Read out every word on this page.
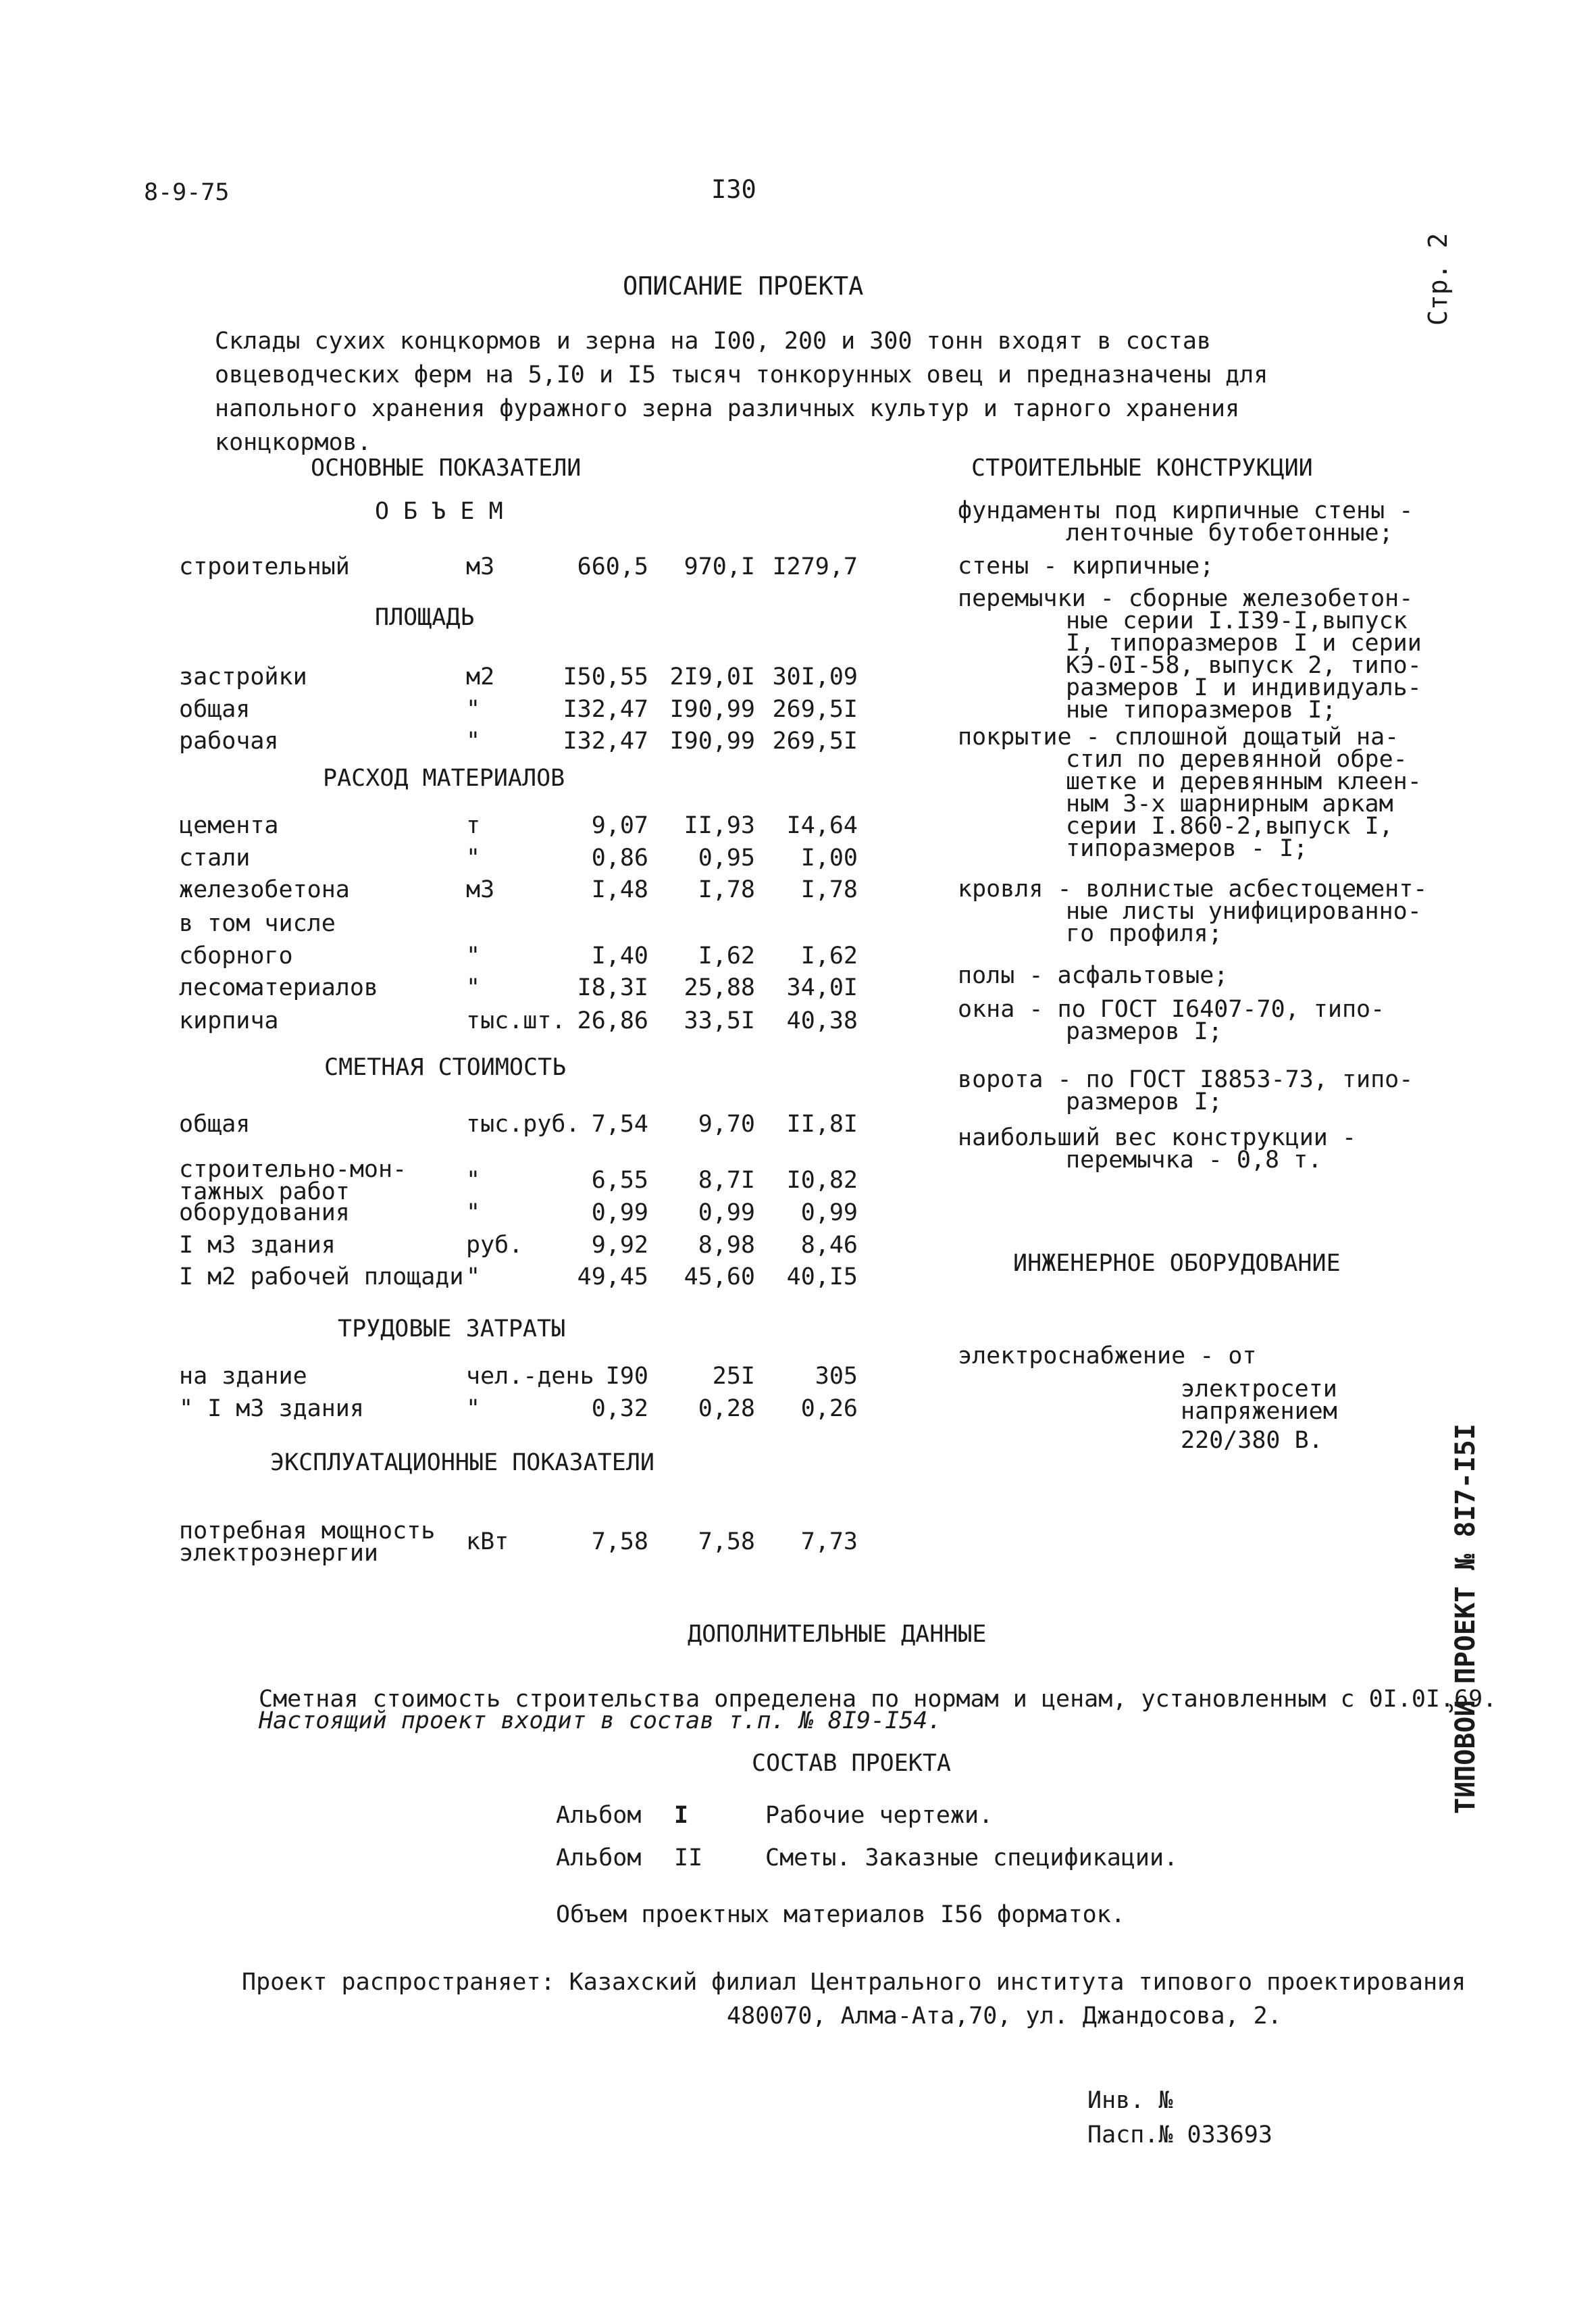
8-9-75	I30
Стр. 2
ТИПОВОЙ ПРОЕКТ № 8I7-I5I
ОПИСАНИЕ ПРОЕКТА
Склады сухих концкормов и зерна на I00, 200 и 300 тонн входят в состав овцеводческих ферм на 5,I0 и I5 тысяч тонкорунных овец и предназначены для напольного хранения фуражного зерна различных культур и тарного хранения концкормов.
ОСНОВНЫЕ ПОКАЗАТЕЛИ
О Б Ъ Е М
строительный	м3	660,5 970,I I279,7
ПЛОЩАДЬ
застройки	м2	I50,55 2I9,0I 30I,09
общая	"	I32,47 I90,99 269,5I
рабочая	"	I32,47 I90,99 269,5I
РАСХОД МАТЕРИАЛОВ
цемента	т	9,07 II,93 I4,64
стали	"	0,86 0,95 I,00
железобетона	м3	I,48 I,78 I,78
в том числе
сборного	"	I,40 I,62 I,62
лесоматериалов	"	I8,3I 25,88 34,0I
кирпича	тыс.шт. 26,86 33,5I 40,38
СМЕТНАЯ СТОИМОСТЬ
общая	тыс.руб. 7,54 9,70 II,8I
строительно-мон-
тажных работ	"	6,55 8,7I I0,82
оборудования	"	0,99 0,99 0,99
I м3 здания	руб.	9,92 8,98 8,46
I м2 рабочей площади "	49,45 45,60 40,I5
ТРУДОВЫЕ ЗАТРАТЫ
на здание	чел.-день I90	25I	305
" I м3 здания	"	0,32 0,28 0,26
ЭКСПЛУАТАЦИОННЫЕ ПОКАЗАТЕЛИ
потребная мощность
электроэнергии	кВт	7,58 7,58 7,73
СТРОИТЕЛЬНЫЕ КОНСТРУКЦИИ
фундаменты под кирпичные стены -
ленточные бутобетонные;
стены - кирпичные;
перемычки - сборные железобетон-
ные серии I.I39-I,выпуск
I, типоразмеров I и серии
КЭ-0I-58, выпуск 2, типо-
размеров I и индивидуаль-
ные типоразмеров I;
покрытие - сплошной дощатый на-
стил по деревянной обре-
шетке и деревянным клеен-
ным 3-х шарнирным аркам
серии I.860-2,выпуск I,
типоразмеров - I;
кровля - волнистые асбестоцемент-
ные листы унифицированно-
го профиля;
полы - асфальтовые;
окна - по ГОСТ I6407-70, типо-
размеров I;
ворота - по ГОСТ I8853-73, типо-
размеров I;
наибольший вес конструкции -
перемычка - 0,8 т.
ИНЖЕНЕРНОЕ ОБОРУДОВАНИЕ
электроснабжение - от
электросети
напряжением
220/380 В.
ДОПОЛНИТЕЛЬНЫЕ ДАННЫЕ
Сметная стоимость строительства определена по нормам и ценам, установленным с 0I.0I.69.
Настоящий проект входит в состав т.п. № 8I9-I54.
СОСТАВ ПРОЕКТА
Альбом I	Рабочие чертежи.
Альбом II	Сметы. Заказные спецификации.
Объем проектных материалов I56 форматок.
Проект распространяет: Казахский филиал Центрального института типового проектирования
480070, Алма-Ата,70, ул. Джандосова, 2.
Инв. №
Пасп.№ 033693
